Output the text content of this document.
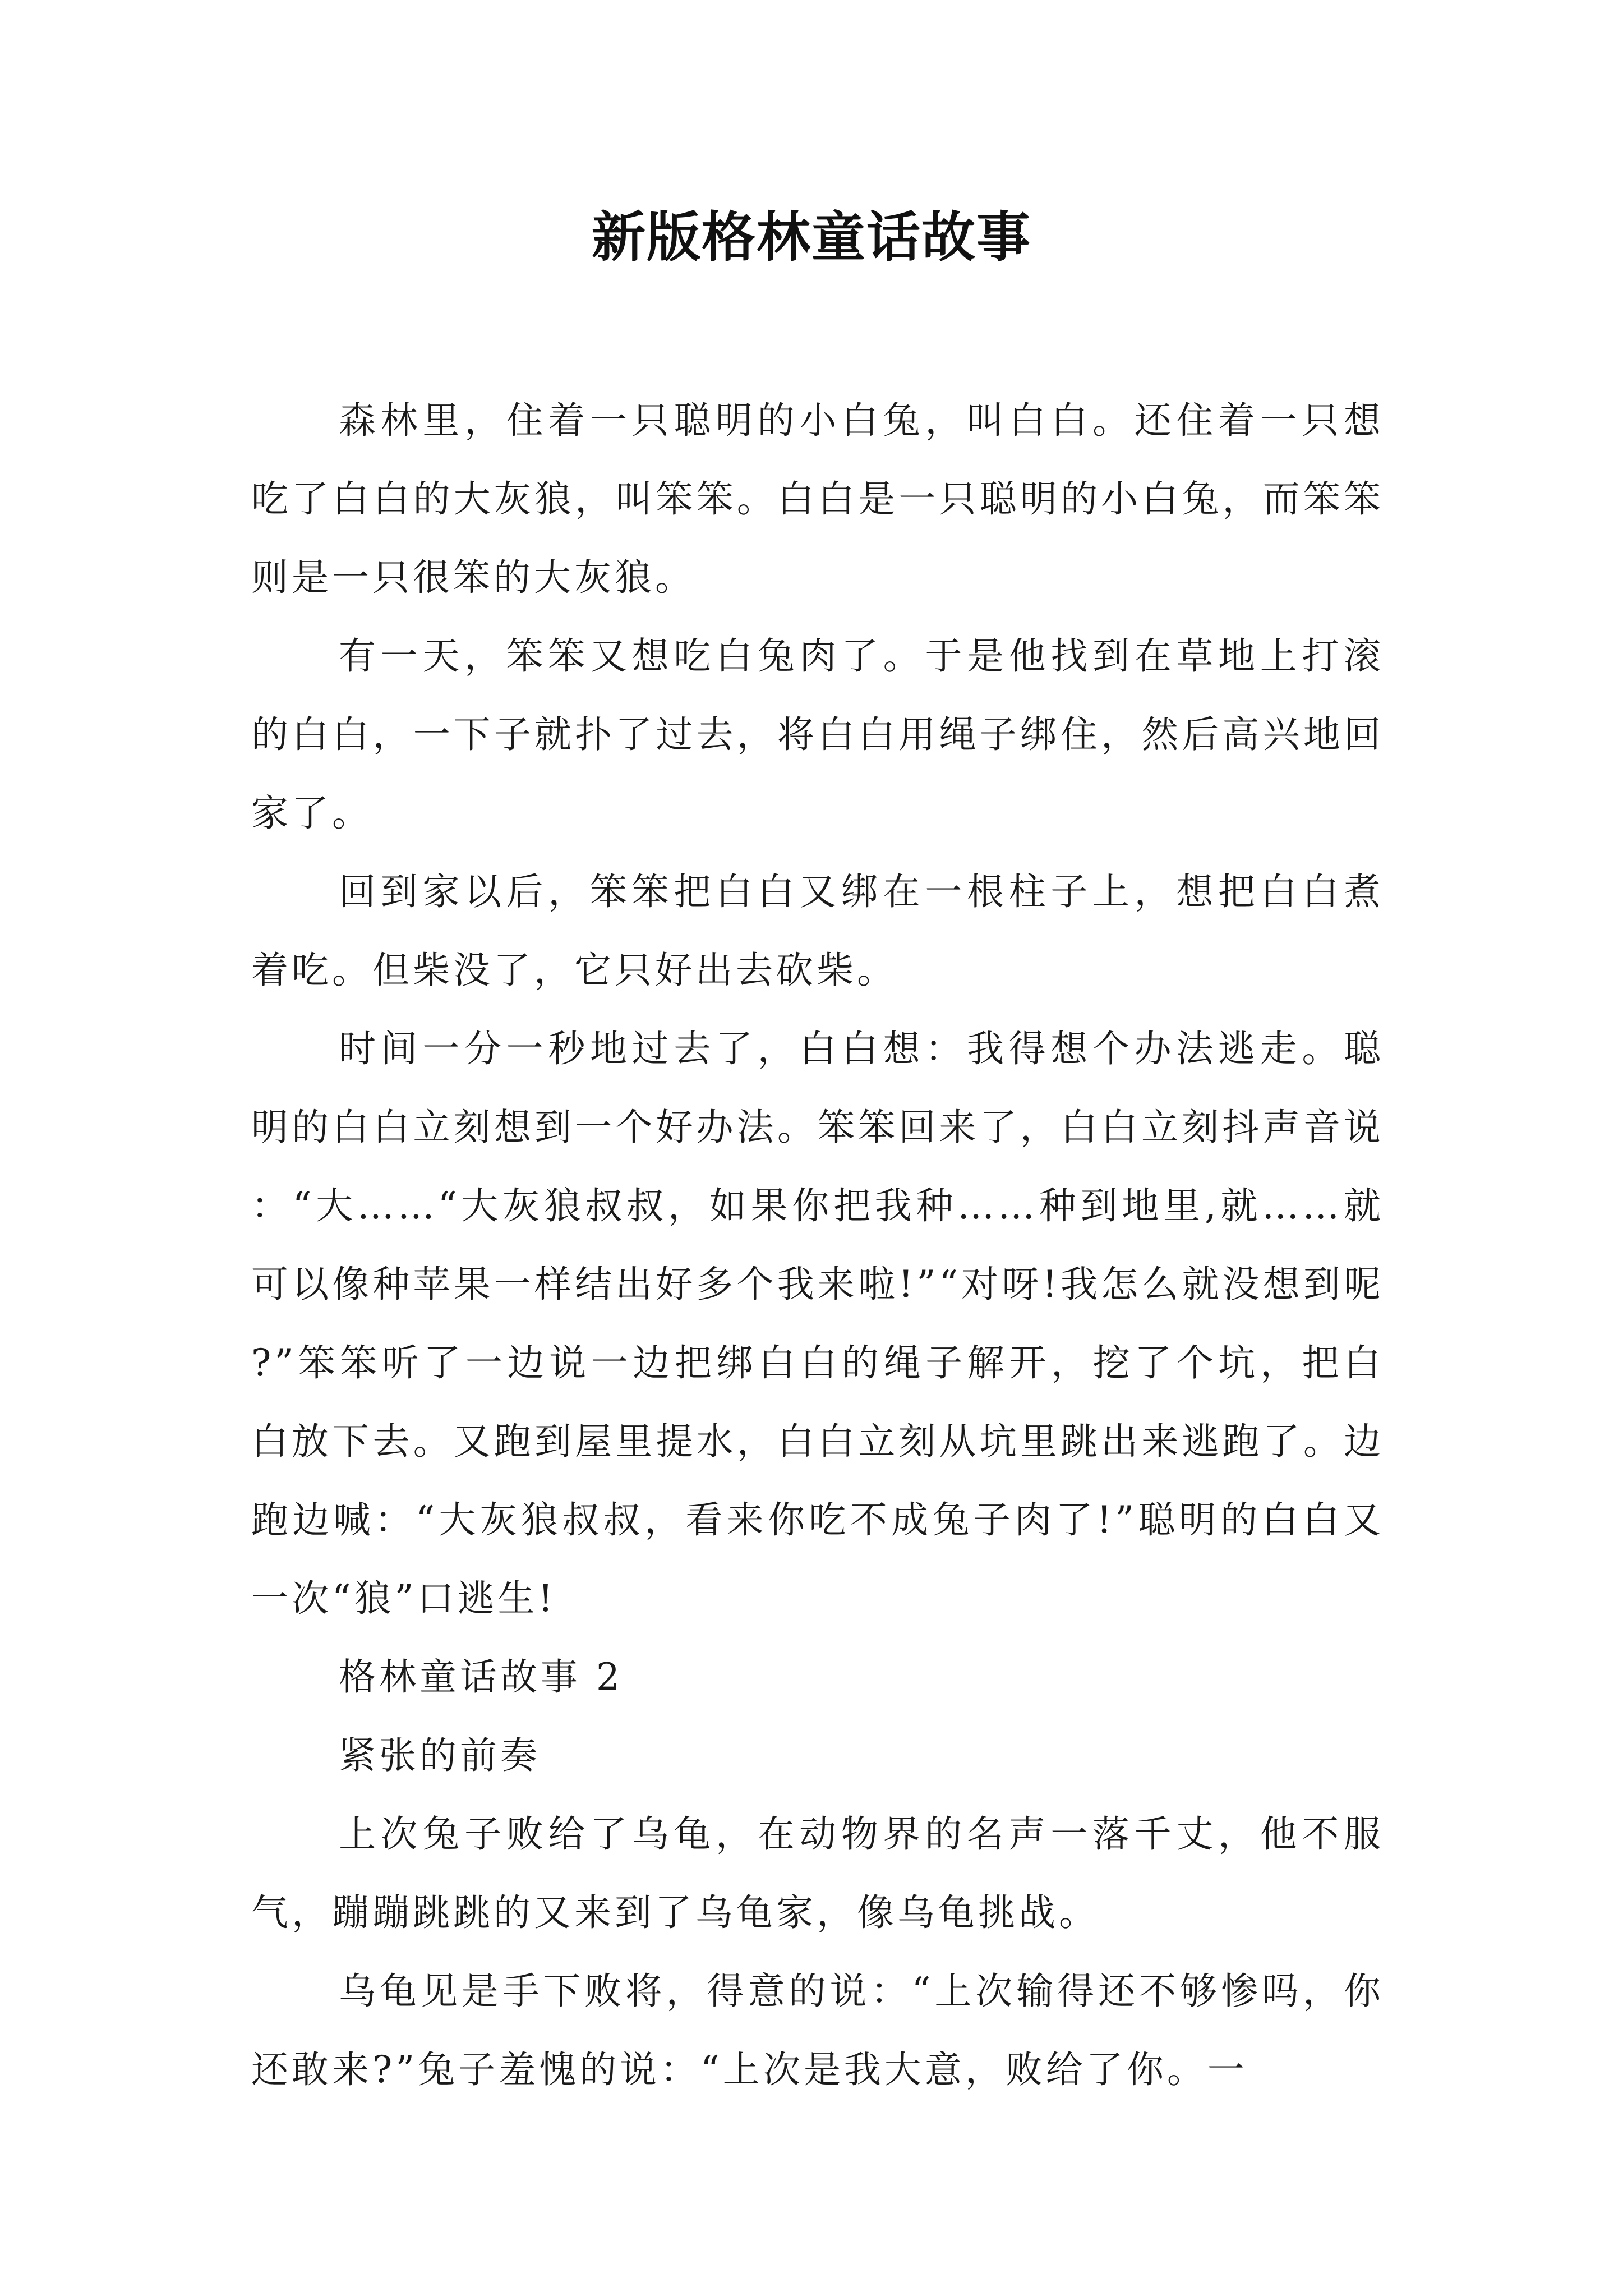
新版格林童话故事

森林里，住着一只聪明的小白兔，叫白白。还住着一只想吃了白白的大灰狼，叫笨笨。白白是一只聪明的小白兔，而笨笨则是一只很笨的大灰狼。

有一天，笨笨又想吃白兔肉了。于是他找到在草地上打滚的白白，一下子就扑了过去，将白白用绳子绑住，然后高兴地回家了。

回到家以后，笨笨把白白又绑在一根柱子上，想把白白煮着吃。但柴没了，它只好出去砍柴。

时间一分一秒地过去了，白白想：我得想个办法逃走。聪明的白白立刻想到一个好办法。笨笨回来了，白白立刻抖声音说：“大……“大灰狼叔叔，如果你把我种……种到地里,就……就可以像种苹果一样结出好多个我来啦!”“对呀!我怎么就没想到呢?”笨笨听了一边说一边把绑白白的绳子解开，挖了个坑，把白白放下去。又跑到屋里提水，白白立刻从坑里跳出来逃跑了。边跑边喊：“大灰狼叔叔，看来你吃不成兔子肉了!”聪明的白白又一次“狼”口逃生!

格林童话故事 2

紧张的前奏

上次兔子败给了乌龟，在动物界的名声一落千丈，他不服气，蹦蹦跳跳的又来到了乌龟家，像乌龟挑战。

乌龟见是手下败将，得意的说：“上次输得还不够惨吗，你还敢来?”兔子羞愧的说：“上次是我大意，败给了你。一
